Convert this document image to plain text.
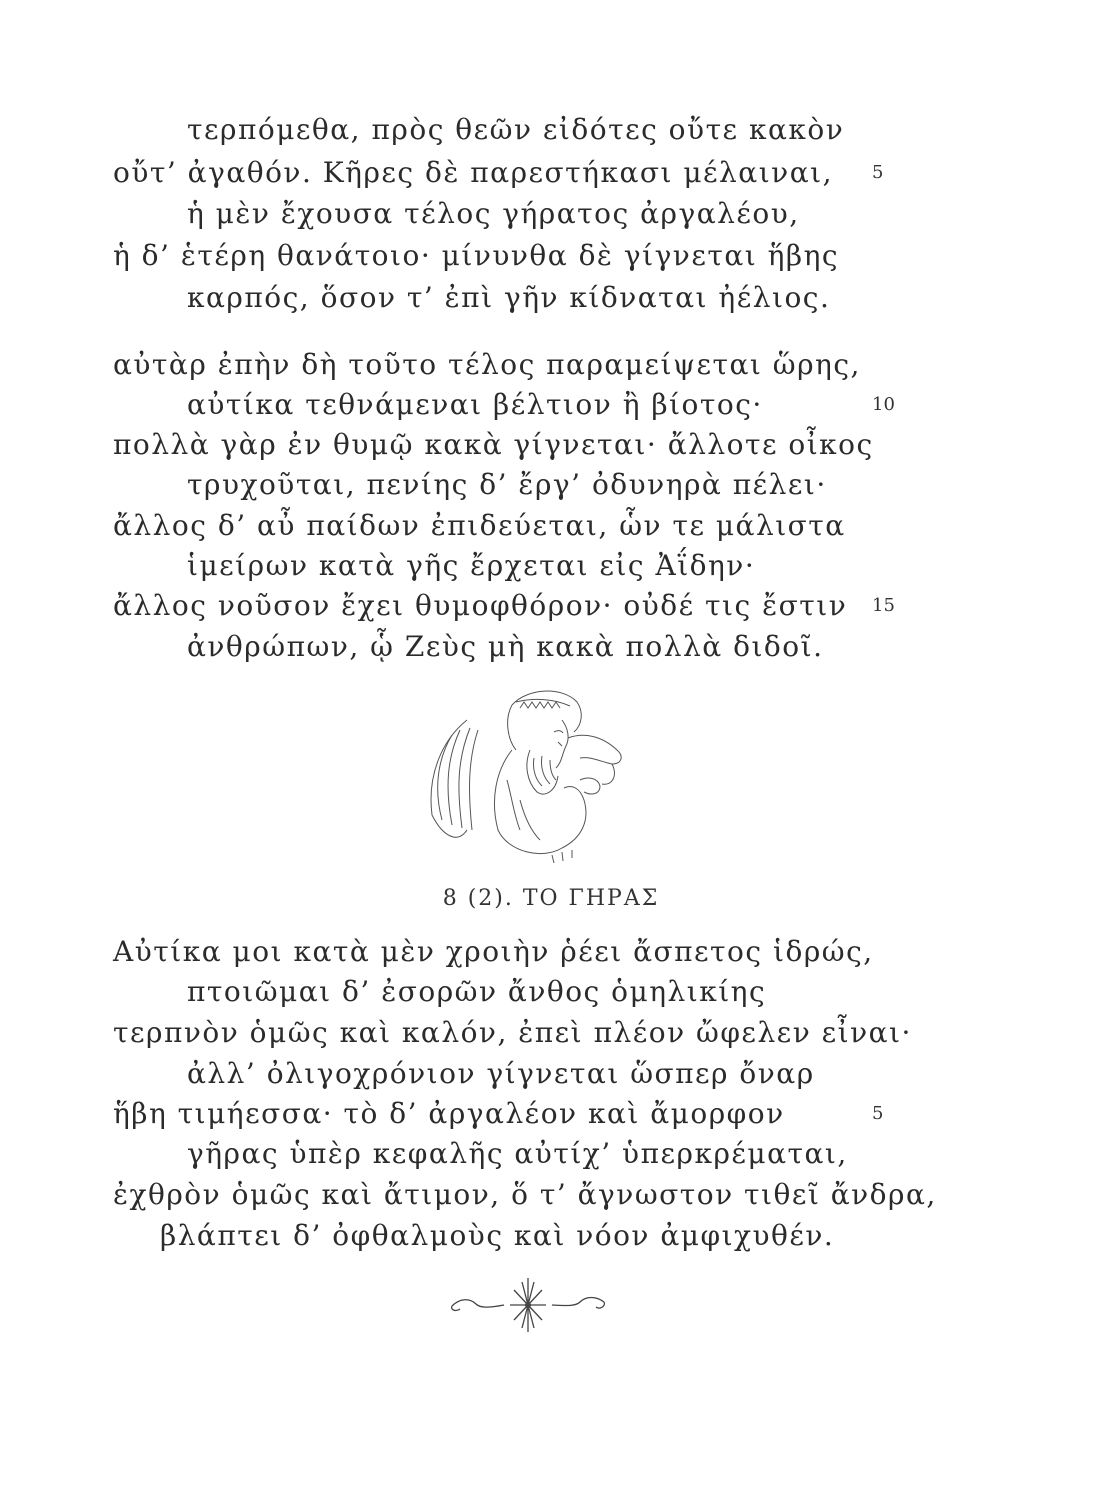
τερπόμεθα, πρὸς θεῶν εἰδότες οὔτε κακὸν
οὔτ’ ἀγαθόν. Κῆρες δὲ παρεστήκασι μέλαιναι, 5
ἡ μὲν ἔχουσα τέλος γήρατος ἀργαλέου,
ἡ δ’ ἑτέρη θανάτοιο· μίνυνθα δὲ γίγνεται ἥβης
καρπός, ὅσον τ’ ἐπὶ γῆν κίδναται ἠέλιος.
αὐτὰρ ἐπὴν δὴ τοῦτο τέλος παραμείψεται ὥρης,
αὐτίκα τεθνάμεναι βέλτιον ἢ βίοτος·	10
πολλὰ γὰρ ἐν θυμῷ κακὰ γίγνεται· ἄλλοτε οἶκος
τρυχοῦται, πενίης δ’ ἔργ’ ὀδυνηρὰ πέλει·
ἄλλος δ’ αὖ παίδων ἐπιδεύεται, ὧν τε μάλιστα
ἱμείρων κατὰ γῆς ἔρχεται εἰς Ἀΐδην·
ἄλλος νοῦσον ἔχει θυμοφθόρον· οὐδέ τις ἔστιν 15
ἀνθρώπων, ᾧ Ζεὺς μὴ κακὰ πολλὰ διδοῖ.
8 (2). ΤΟ ΓΗΡΑΣ
Αὐτίκα μοι κατὰ μὲν χροιὴν ῥέει ἄσπετος ἱδρώς,
πτοιῶμαι δ’ ἐσορῶν ἄνθος ὁμηλικίης
τερπνὸν ὁμῶς καὶ καλόν, ἐπεὶ πλέον ὤφελεν εἶναι·
ἀλλ’ ὀλιγοχρόνιον γίγνεται ὥσπερ ὄναρ
ἥβη τιμήεσσα· τὸ δ’ ἀργαλέον καὶ ἄμορφον	5
γῆρας ὑπὲρ κεφαλῆς αὐτίχ’ ὑπερκρέμαται,
ἐχθρὸν ὁμῶς καὶ ἄτιμον, ὅ τ’ ἄγνωστον τιθεῖ ἄνδρα,
βλάπτει δ’ ὀφθαλμοὺς καὶ νόον ἀμφιχυθέν.
